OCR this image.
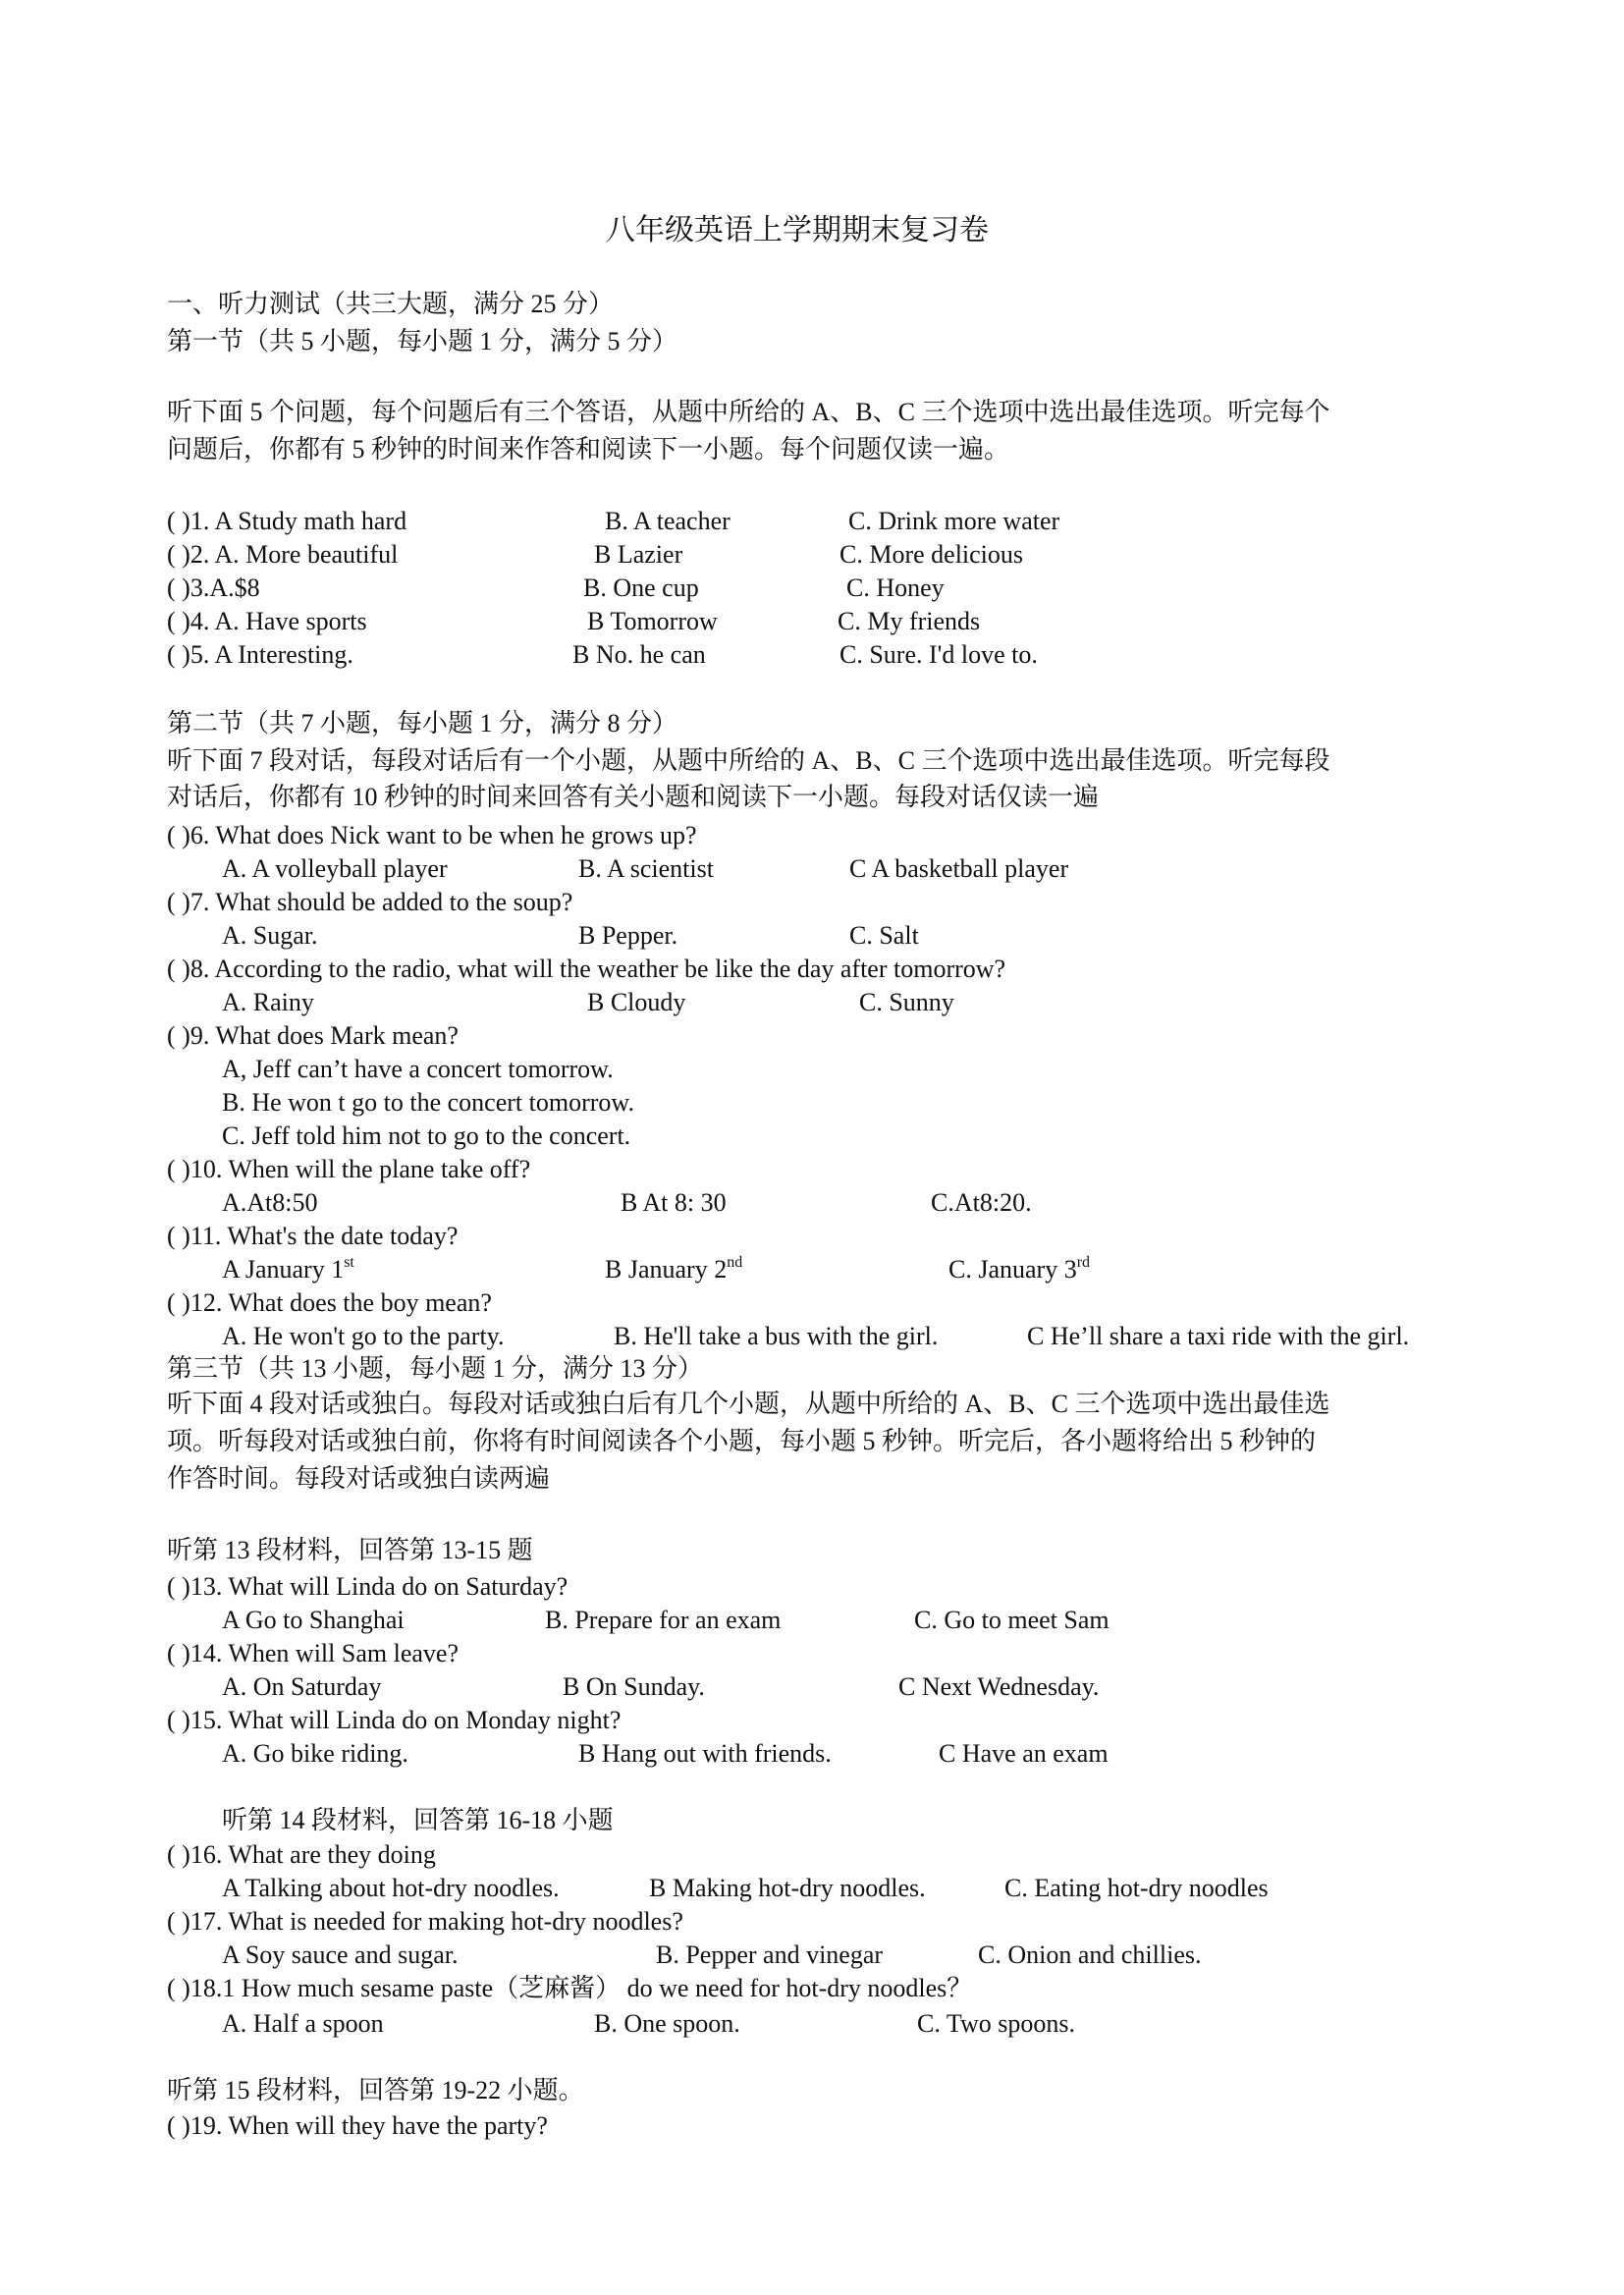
八年级英语上学期期末复习卷
一、听力测试（共三大题，满分 25 分）
第一节（共 5 小题，每小题 1 分，满分 5 分）
听下面 5 个问题，每个问题后有三个答语，从题中所给的 A、B、C 三个选项中选出最佳选项。听完每个
问题后，你都有 5 秒钟的时间来作答和阅读下一小题。每个问题仅读一遍。
( )1. A Study math hard	B. A teacher	C. Drink more water
( )2. A. More beautiful	B Lazier	C. More delicious
( )3.A.$8	B. One cup	C. Honey
( )4. A. Have sports	B Tomorrow	C. My friends
( )5. A Interesting.	B No. he can	C. Sure. I'd love to.
第二节（共 7 小题，每小题 1 分，满分 8 分）
听下面 7 段对话，每段对话后有一个小题，从题中所给的 A、B、C 三个选项中选出最佳选项。听完每段
对话后，你都有 10 秒钟的时间来回答有关小题和阅读下一小题。每段对话仅读一遍
( )6. What does Nick want to be when he grows up?
A. A volleyball player	B. A scientist	C A basketball player
( )7. What should be added to the soup?
A. Sugar.	B Pepper.	C. Salt
( )8. According to the radio, what will the weather be like the day after tomorrow?
A. Rainy	B Cloudy	C. Sunny
( )9. What does Mark mean?
A, Jeff can’t have a concert tomorrow.
B. He won t go to the concert tomorrow.
C. Jeff told him not to go to the concert.
( )10. When will the plane take off?
A.At8:50	B At 8: 30	C.At8:20.
( )11. What's the date today?
A January 1st	B January 2nd	C. January 3rd
( )12. What does the boy mean?
A. He won't go to the party.	B. He'll take a bus with the girl.	C He’ll share a taxi ride with the girl.
第三节（共 13 小题，每小题 1 分，满分 13 分）
听下面 4 段对话或独白。每段对话或独白后有几个小题，从题中所给的 A、B、C 三个选项中选出最佳选
项。听每段对话或独白前，你将有时间阅读各个小题，每小题 5 秒钟。听完后，各小题将给出 5 秒钟的
作答时间。每段对话或独白读两遍
听第 13 段材料，回答第 13-15 题
( )13. What will Linda do on Saturday?
A Go to Shanghai	B. Prepare for an exam	C. Go to meet Sam
( )14. When will Sam leave?
A. On Saturday	B On Sunday.	C Next Wednesday.
( )15. What will Linda do on Monday night?
A. Go bike riding.	B Hang out with friends.	C Have an exam
听第 14 段材料，回答第 16-18 小题
( )16. What are they doing
A Talking about hot-dry noodles.	B Making hot-dry noodles.	C. Eating hot-dry noodles
( )17. What is needed for making hot-dry noodles?
A Soy sauce and sugar.	B. Pepper and vinegar	C. Onion and chillies.
( )18.1 How much sesame paste（芝麻酱） do we need for hot-dry noodles？
A. Half a spoon	B. One spoon.	C. Two spoons.
听第 15 段材料，回答第 19-22 小题。
( )19. When will they have the party?
